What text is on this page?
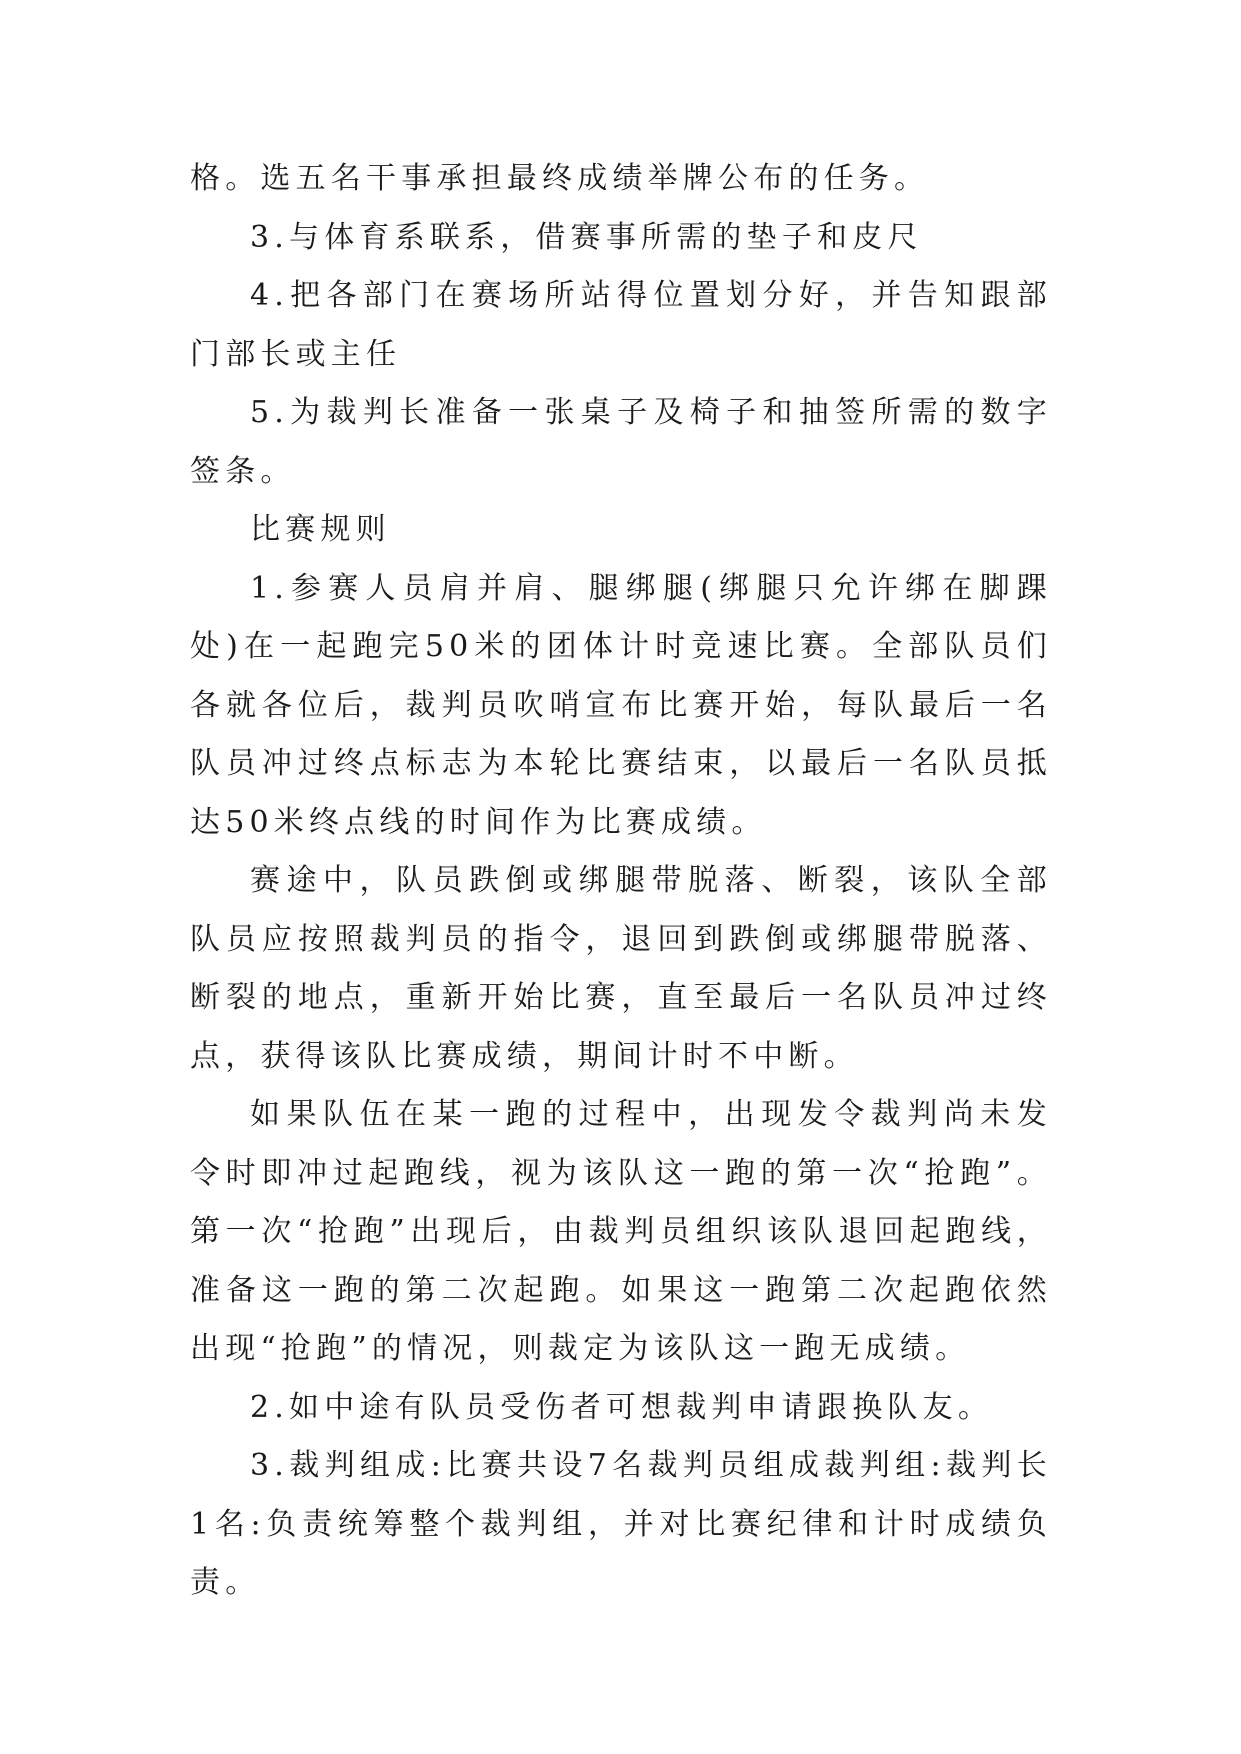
格。选五名干事承担最终成绩举牌公布的任务。

3.与体育系联系，借赛事所需的垫子和皮尺

4.把各部门在赛场所站得位置划分好，并告知跟部门部长或主任

5.为裁判长准备一张桌子及椅子和抽签所需的数字签条。

比赛规则

1.参赛人员肩并肩、腿绑腿(绑腿只允许绑在脚踝处)在一起跑完50米的团体计时竞速比赛。全部队员们各就各位后，裁判员吹哨宣布比赛开始，每队最后一名队员冲过终点标志为本轮比赛结束，以最后一名队员抵达50米终点线的时间作为比赛成绩。

赛途中，队员跌倒或绑腿带脱落、断裂，该队全部队员应按照裁判员的指令，退回到跌倒或绑腿带脱落、断裂的地点，重新开始比赛，直至最后一名队员冲过终点，获得该队比赛成绩，期间计时不中断。

如果队伍在某一跑的过程中，出现发令裁判尚未发令时即冲过起跑线，视为该队这一跑的第一次“抢跑”。第一次“抢跑”出现后，由裁判员组织该队退回起跑线，准备这一跑的第二次起跑。如果这一跑第二次起跑依然出现“抢跑”的情况，则裁定为该队这一跑无成绩。

2.如中途有队员受伤者可想裁判申请跟换队友。

3.裁判组成:比赛共设7名裁判员组成裁判组:裁判长1名:负责统筹整个裁判组，并对比赛纪律和计时成绩负责。
